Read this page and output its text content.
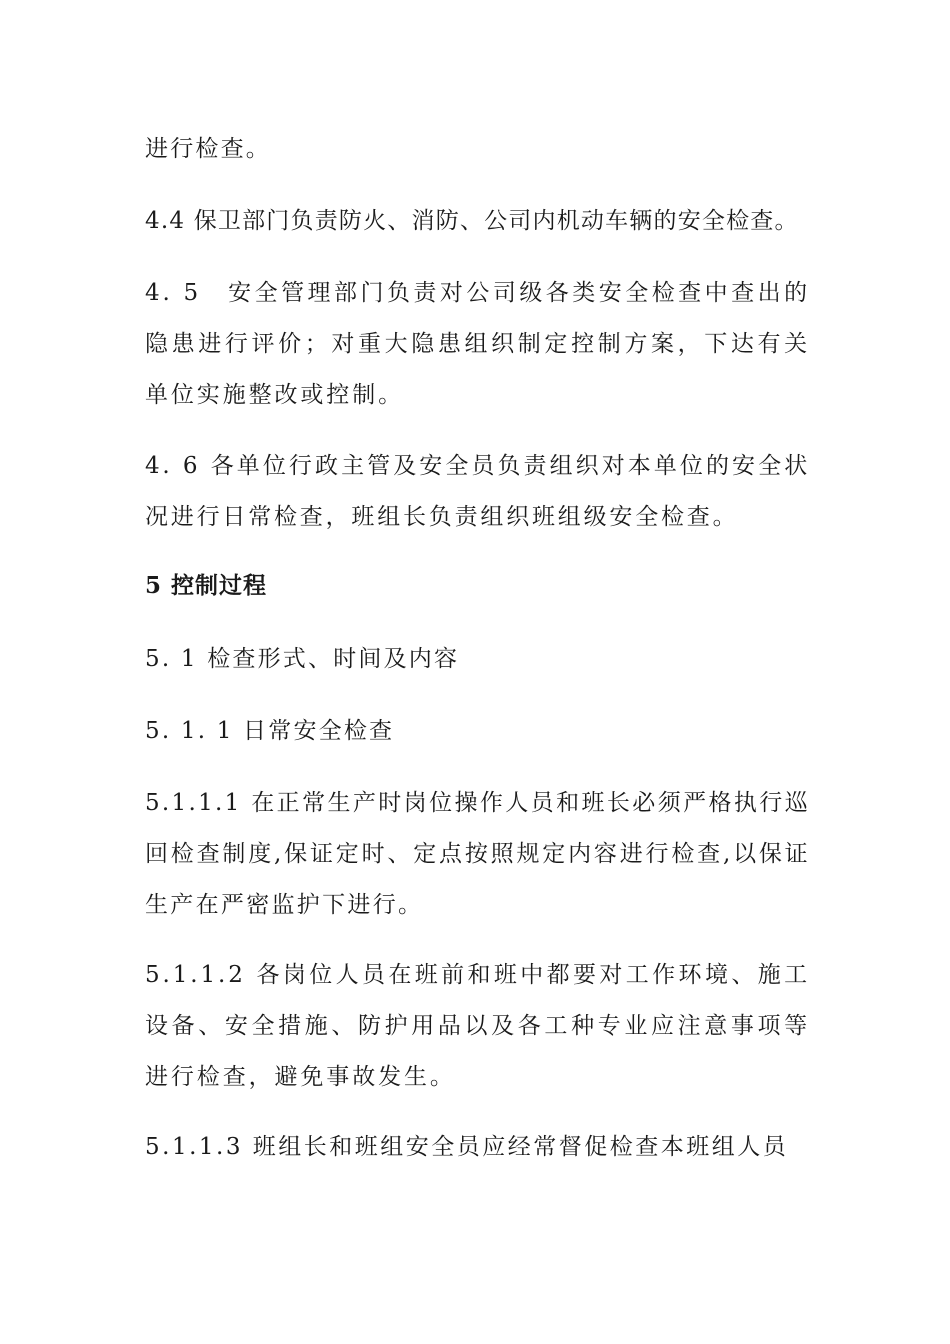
进行检查。
4.4 保卫部门负责防火、消防、公司内机动车辆的安全检查。
4. 5　安全管理部门负责对公司级各类安全检查中查出的隐患进行评价；对重大隐患组织制定控制方案，下达有关单位实施整改或控制。
4. 6 各单位行政主管及安全员负责组织对本单位的安全状况进行日常检查，班组长负责组织班组级安全检查。
5 控制过程
5. 1 检查形式、时间及内容
5. 1. 1 日常安全检查
5.1.1.1 在正常生产时岗位操作人员和班长必须严格执行巡回检查制度,保证定时、定点按照规定内容进行检查,以保证生产在严密监护下进行。
5.1.1.2 各岗位人员在班前和班中都要对工作环境、施工设备、安全措施、防护用品以及各工种专业应注意事项等进行检查，避免事故发生。
5.1.1.3 班组长和班组安全员应经常督促检查本班组人员
